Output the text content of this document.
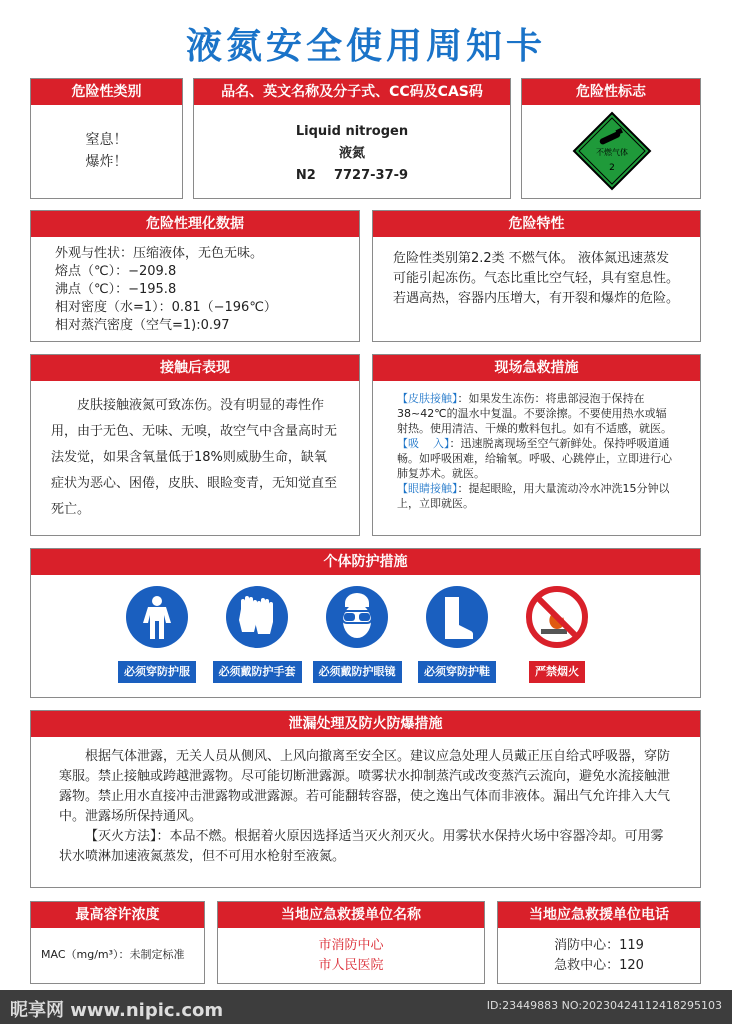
液氮安全使用周知卡
危险性类别
窒息！
爆炸！
品名、英文名称及分子式、CC码及CAS码
Liquid nitrogen
液氮
N2    7727-37-9
危险性标志
不燃气体
2
危险性理化数据
外观与性状：压缩液体，无色无味。
熔点（℃）：−209.8
沸点（℃）：−195.8
相对密度（水=1）：0.81（−196℃）
相对蒸汽密度（空气=1):0.97
危险特性
危险性类别第2.2类 不燃气体。 液体氮迅速蒸发可能引起冻伤。气态比重比空气轻，具有窒息性。若遇高热，容器内压增大，有开裂和爆炸的危险。
接触后表现
皮肤接触液氮可致冻伤。没有明显的毒性作用，由于无色、无味、无嗅，故空气中含量高时无法发觉，如果含氧量低于18%则威胁生命，缺氧症状为恶心、困倦，皮肤、眼睑变青，无知觉直至死亡。
现场急救措施
【皮肤接触】：如果发生冻伤：将患部浸泡于保持在38~42℃的温水中复温。不要涂擦。不要使用热水或辐射热。使用清洁、干燥的敷料包扎。如有不适感，就医。
【吸    入】：迅速脱离现场至空气新鲜处。保持呼吸道通畅。如呼吸困难，给输氧。呼吸、心跳停止，立即进行心肺复苏术。就医。
【眼睛接触】：提起眼睑，用大量流动冷水冲洗15分钟以上，立即就医。
个体防护措施
必须穿防护服	必须戴防护手套	必须戴防护眼镜	必须穿防护鞋	严禁烟火
泄漏处理及防火防爆措施
根据气体泄露，无关人员从侧风、上风向撤离至安全区。建议应急处理人员戴正压自给式呼吸器，穿防寒服。禁止接触或跨越泄露物。尽可能切断泄露源。喷雾状水抑制蒸汽或改变蒸汽云流向，避免水流接触泄露物。禁止用水直接冲击泄露物或泄露源。若可能翻转容器，使之逸出气体而非液体。漏出气允许排入大气中。泄露场所保持通风。
【灭火方法】：本品不燃。根据着火原因选择适当灭火剂灭火。用雾状水保持火场中容器冷却。可用雾状水喷淋加速液氮蒸发，但不可用水枪射至液氮。
最高容许浓度
MAC（mg/m³）：未制定标准
当地应急救援单位名称
市消防中心
市人民医院
当地应急救援单位电话
消防中心：119
急救中心：120
昵享网 www.nipic.com	ID:23449883 NO:20230424112418295103
